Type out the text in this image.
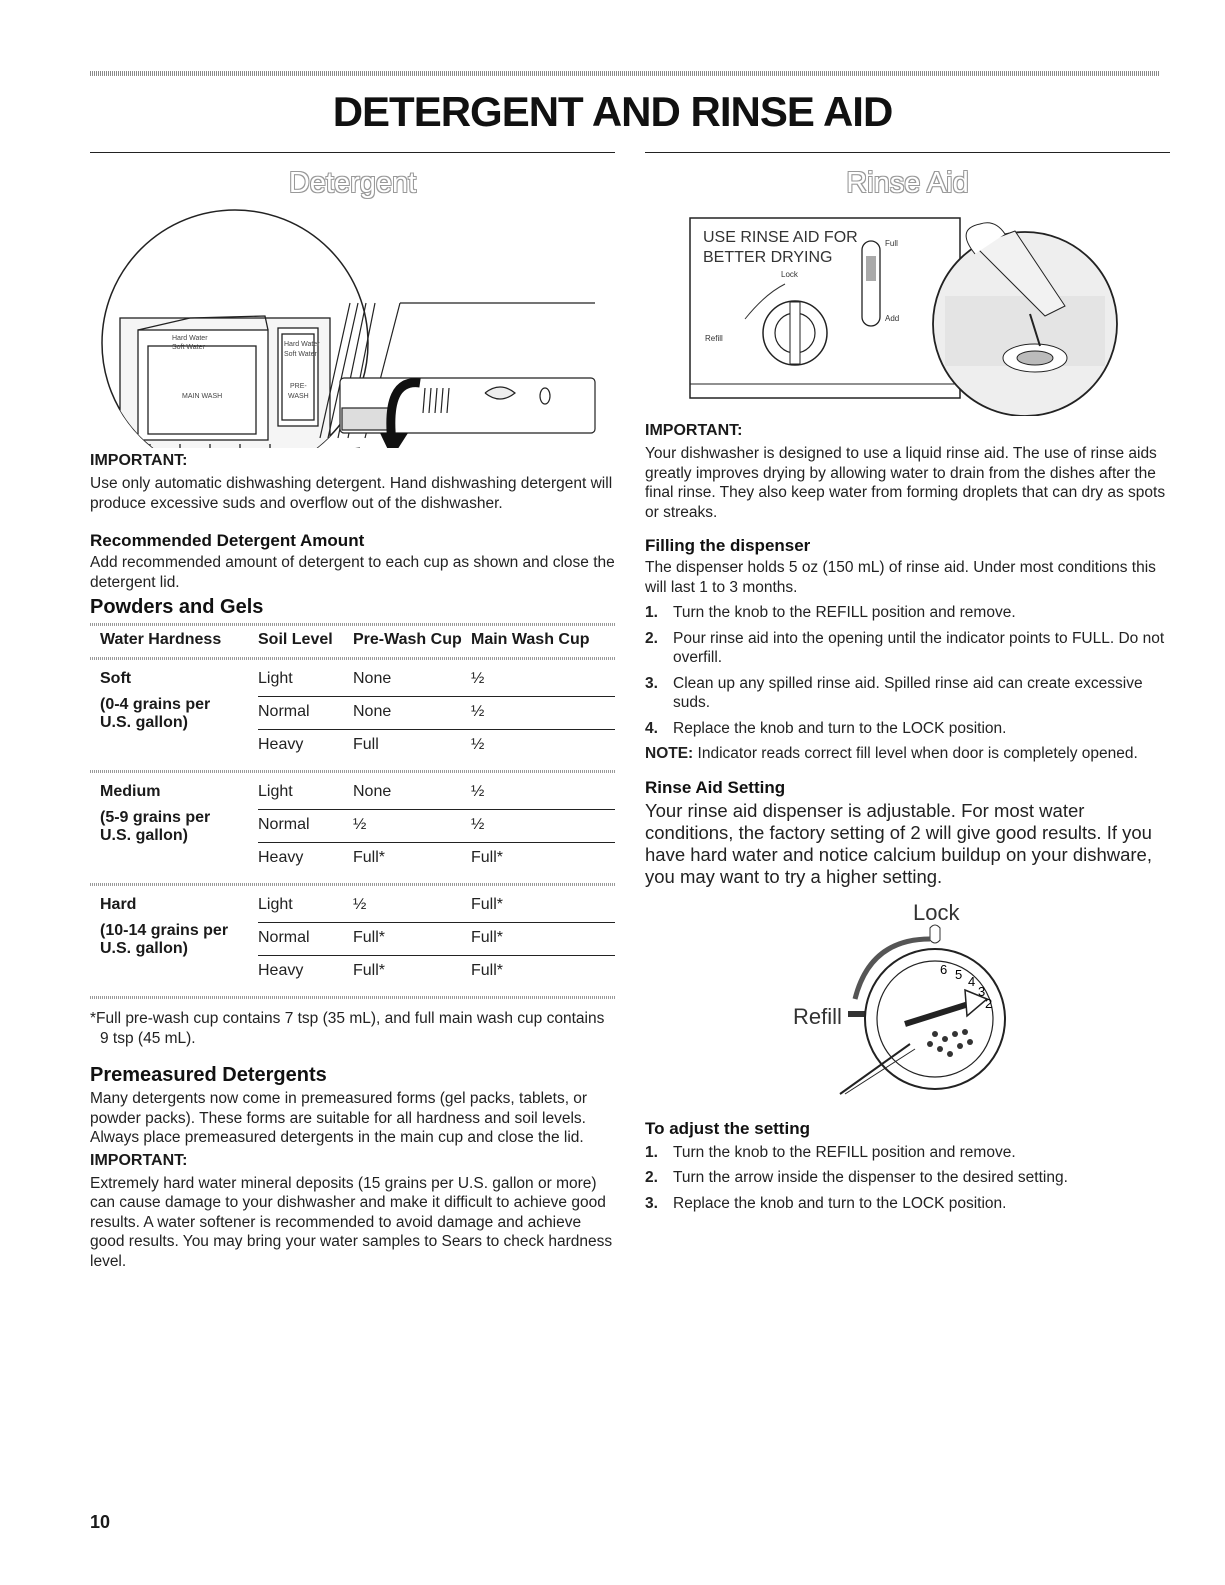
DETERGENT AND RINSE AID
Detergent
Hard Water
Soft Water	Hard Water
Soft Water
MAIN WASH
PRE-
WASH
IMPORTANT:

Use only automatic dishwashing detergent. Hand dishwashing detergent will produce excessive suds and overflow out of the dishwasher.

Recommended Detergent Amount

Add recommended amount of detergent to each cup as shown and close the detergent lid.

Powders and Gels
Water Hardness	Soil Level	Pre-Wash Cup	Main Wash Cup

Soft
(0-4 grains per U.S. gallon)	Light	None	½
	Normal	None	½
	Heavy	Full	½

Medium
(5-9 grains per U.S. gallon)	Light	None	½
	Normal	½	½
	Heavy	Full*	Full*

Hard
(10-14 grains per U.S. gallon)	Light	½	Full*
	Normal	Full*	Full*
	Heavy	Full*	Full*

*Full pre-wash cup contains 7 tsp (35 mL), and full main wash cup contains 9 tsp (45 mL).

Premeasured Detergents

Many detergents now come in premeasured forms (gel packs, tablets, or powder packs). These forms are suitable for all hardness and soil levels. Always place premeasured detergents in the main cup and close the lid.

IMPORTANT:

Extremely hard water mineral deposits (15 grains per U.S. gallon or more) can cause damage to your dishwasher and make it difficult to achieve good results. A water softener is recommended to avoid damage and achieve good results. You may bring your water samples to Sears to check hardness level.

Rinse Aid
USE RINSE AID FOR
BETTER DRYING
Lock
Refill
Full
Add
IMPORTANT:

Your dishwasher is designed to use a liquid rinse aid. The use of rinse aids greatly improves drying by allowing water to drain from the dishes after the final rinse. They also keep water from forming droplets that can dry as spots or streaks.

Filling the dispenser

The dispenser holds 5 oz (150 mL) of rinse aid. Under most conditions this will last 1 to 3 months.

1. Turn the knob to the REFILL position and remove.
2. Pour rinse aid into the opening until the indicator points to FULL. Do not overfill.
3. Clean up any spilled rinse aid. Spilled rinse aid can create excessive suds.
4. Replace the knob and turn to the LOCK position.

NOTE: Indicator reads correct fill level when door is completely opened.

Rinse Aid Setting

Your rinse aid dispenser is adjustable. For most water conditions, the factory setting of 2 will give good results. If you have hard water and notice calcium buildup on your dishware, you may want to try a higher setting.

Lock
Refill
6 5 4
3
2
To adjust the setting
1. Turn the knob to the REFILL position and remove.
2. Turn the arrow inside the dispenser to the desired setting.
3. Replace the knob and turn to the LOCK position.
10
